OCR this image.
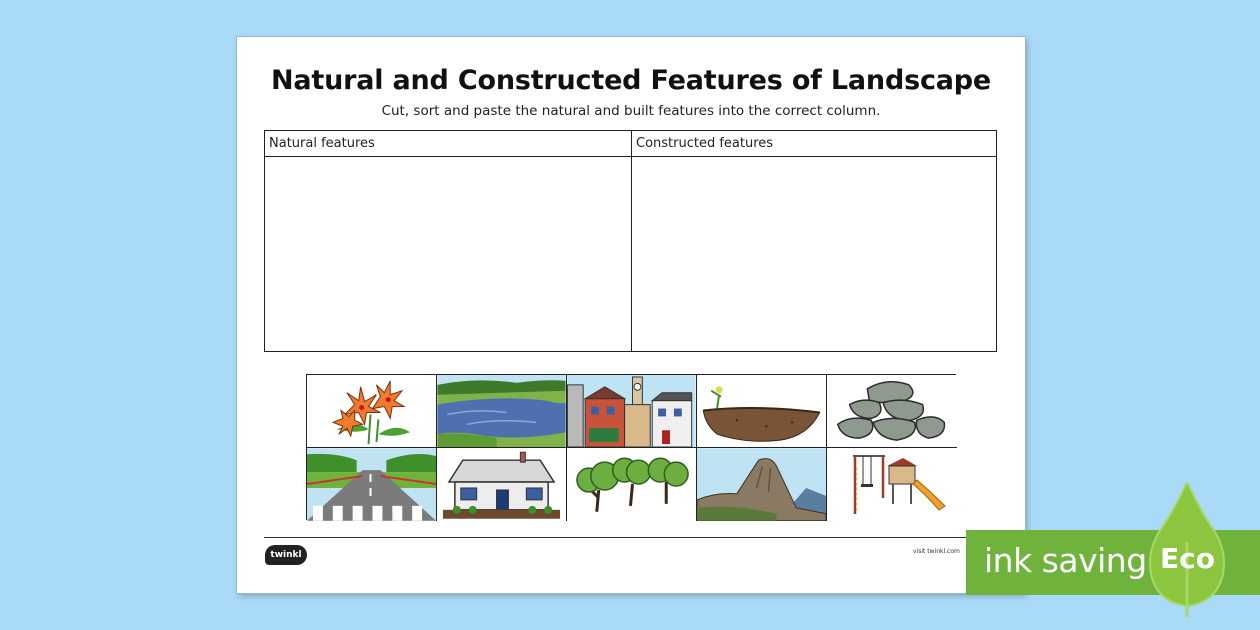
Natural and Constructed Features of Landscape
Cut, sort and paste the natural and built features into the correct column.
Natural features	Constructed features
twinkl	visit twinkl.com ink saving Eco
